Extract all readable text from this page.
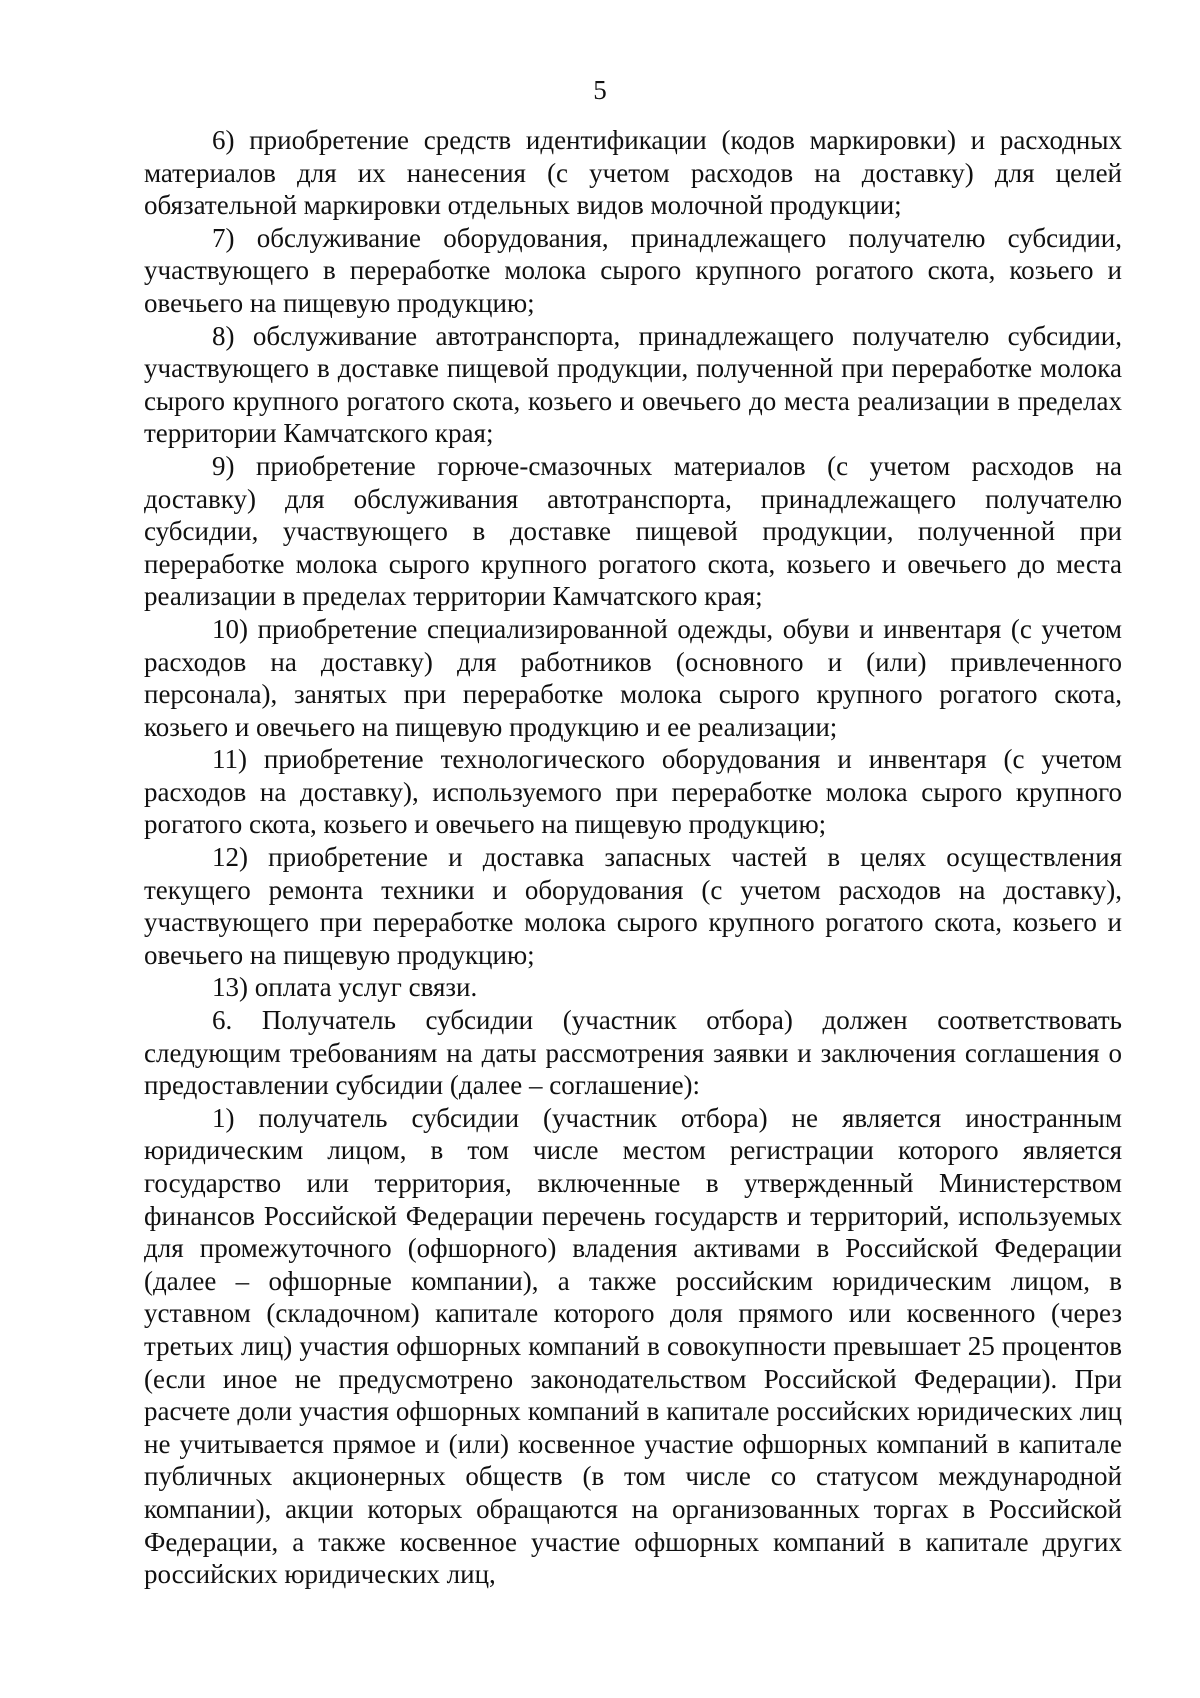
5

6) приобретение средств идентификации (кодов маркировки) и расходных материалов для их нанесения (с учетом расходов на доставку) для целей обязательной маркировки отдельных видов молочной продукции;

7) обслуживание оборудования, принадлежащего получателю субсидии, участвующего в переработке молока сырого крупного рогатого скота, козьего и овечьего на пищевую продукцию;

8) обслуживание автотранспорта, принадлежащего получателю субсидии, участвующего в доставке пищевой продукции, полученной при переработке молока сырого крупного рогатого скота, козьего и овечьего до места реализации в пределах территории Камчатского края;

9) приобретение горюче-смазочных материалов (с учетом расходов на доставку) для обслуживания автотранспорта, принадлежащего получателю субсидии, участвующего в доставке пищевой продукции, полученной при переработке молока сырого крупного рогатого скота, козьего и овечьего до места реализации в пределах территории Камчатского края;

10) приобретение специализированной одежды, обуви и инвентаря (с учетом расходов на доставку) для работников (основного и (или) привлеченного персонала), занятых при переработке молока сырого крупного рогатого скота, козьего и овечьего на пищевую продукцию и ее реализации;

11) приобретение технологического оборудования и инвентаря (с учетом расходов на доставку), используемого при переработке молока сырого крупного рогатого скота, козьего и овечьего на пищевую продукцию;

12) приобретение и доставка запасных частей в целях осуществления текущего ремонта техники и оборудования (с учетом расходов на доставку), участвующего при переработке молока сырого крупного рогатого скота, козьего и овечьего на пищевую продукцию;

13) оплата услуг связи.

6. Получатель субсидии (участник отбора) должен соответствовать следующим требованиям на даты рассмотрения заявки и заключения соглашения о предоставлении субсидии (далее – соглашение):

1) получатель субсидии (участник отбора) не является иностранным юридическим лицом, в том числе местом регистрации которого является государство или территория, включенные в утвержденный Министерством финансов Российской Федерации перечень государств и территорий, используемых для промежуточного (офшорного) владения активами в Российской Федерации (далее – офшорные компании), а также российским юридическим лицом, в уставном (складочном) капитале которого доля прямого или косвенного (через третьих лиц) участия офшорных компаний в совокупности превышает 25 процентов (если иное не предусмотрено законодательством Российской Федерации). При расчете доли участия офшорных компаний в капитале российских юридических лиц не учитывается прямое и (или) косвенное участие офшорных компаний в капитале публичных акционерных обществ (в том числе со статусом международной компании), акции которых обращаются на организованных торгах в Российской Федерации, а также косвенное участие офшорных компаний в капитале других российских юридических лиц,
